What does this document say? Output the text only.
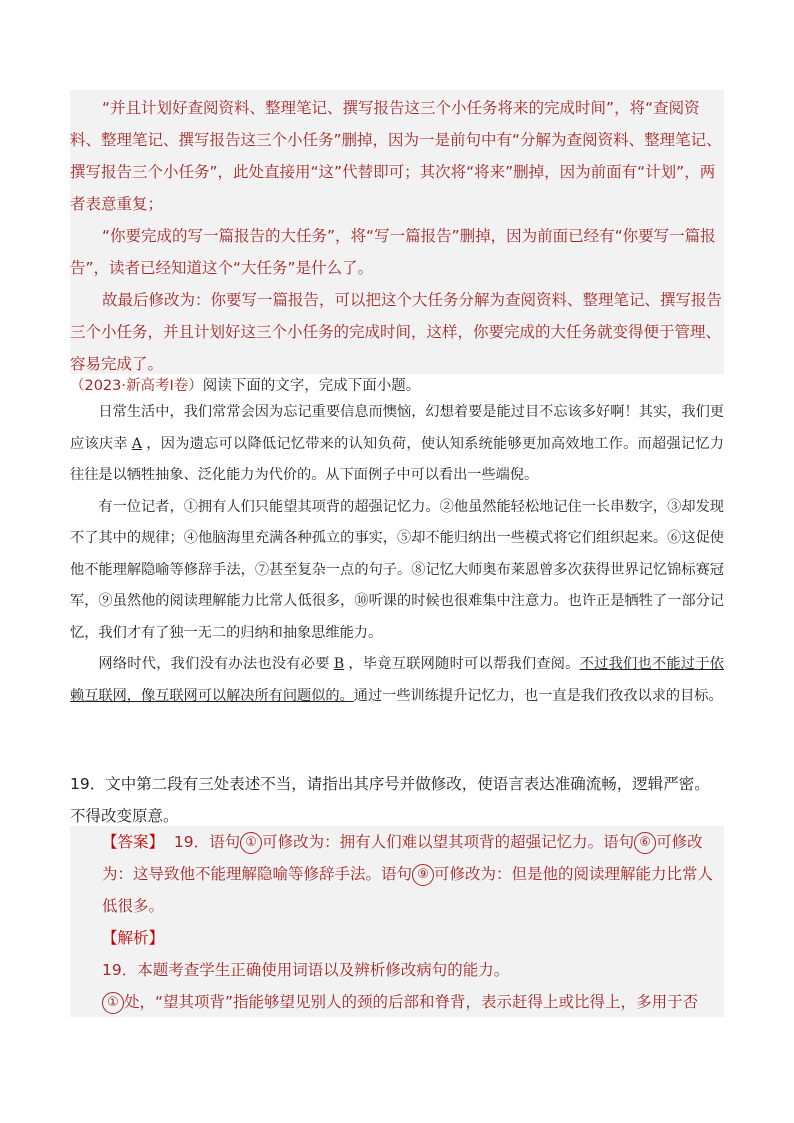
“并且计划好查阅资料、整理笔记、撰写报告这三个小任务将来的完成时间”，将“查阅资料、整理笔记、撰写报告这三个小任务”删掉，因为一是前句中有“分解为查阅资料、整理笔记、撰写报告三个小任务”，此处直接用“这”代替即可；其次将“将来”删掉，因为前面有“计划”，两者表意重复；

“你要完成的写一篇报告的大任务”，将“写一篇报告”删掉，因为前面已经有“你要写一篇报告”，读者已经知道这个“大任务”是什么了。

故最后修改为：你要写一篇报告，可以把这个大任务分解为查阅资料、整理笔记、撰写报告三个小任务，并且计划好这三个小任务的完成时间，这样，你要完成的大任务就变得便于管理、容易完成了。

（2023·新高考Ⅰ卷）阅读下面的文字，完成下面小题。

日常生活中，我们常常会因为忘记重要信息而懊恼，幻想着要是能过目不忘该多好啊！其实，我们更应该庆幸 A ，因为遗忘可以降低记忆带来的认知负荷，使认知系统能够更加高效地工作。而超强记忆力往往是以牺牲抽象、泛化能力为代价的。从下面例子中可以看出一些端倪。

有一位记者，①拥有人们只能望其项背的超强记忆力。②他虽然能轻松地记住一长串数字，③却发现不了其中的规律；④他脑海里充满各种孤立的事实，⑤却不能归纳出一些模式将它们组织起来。⑥这促使他不能理解隐喻等修辞手法，⑦甚至复杂一点的句子。⑧记忆大师奥布莱恩曾多次获得世界记忆锦标赛冠军，⑨虽然他的阅读理解能力比常人低很多，⑩听课的时候也很难集中注意力。也许正是牺牲了一部分记忆，我们才有了独一无二的归纳和抽象思维能力。

网络时代，我们没有办法也没有必要 B ，毕竟互联网随时可以帮我们查阅。不过我们也不能过于依赖互联网，像互联网可以解决所有问题似的。通过一些训练提升记忆力，也一直是我们孜孜以求的目标。

19．文中第二段有三处表述不当，请指出其序号并做修改，使语言表达准确流畅，逻辑严密。不得改变原意。

【答案】 19．语句 ① 可修改为：拥有人们难以望其项背的超强记忆力。语句 ⑥ 可修改为：这导致他不能理解隐喻等修辞手法。语句 ⑨ 可修改为：但是他的阅读理解能力比常人低很多。

【解析】

19．本题考查学生正确使用词语以及辨析修改病句的能力。

① 处，“望其项背”指能够望见别人的颈的后部和脊背，表示赶得上或比得上，多用于否
